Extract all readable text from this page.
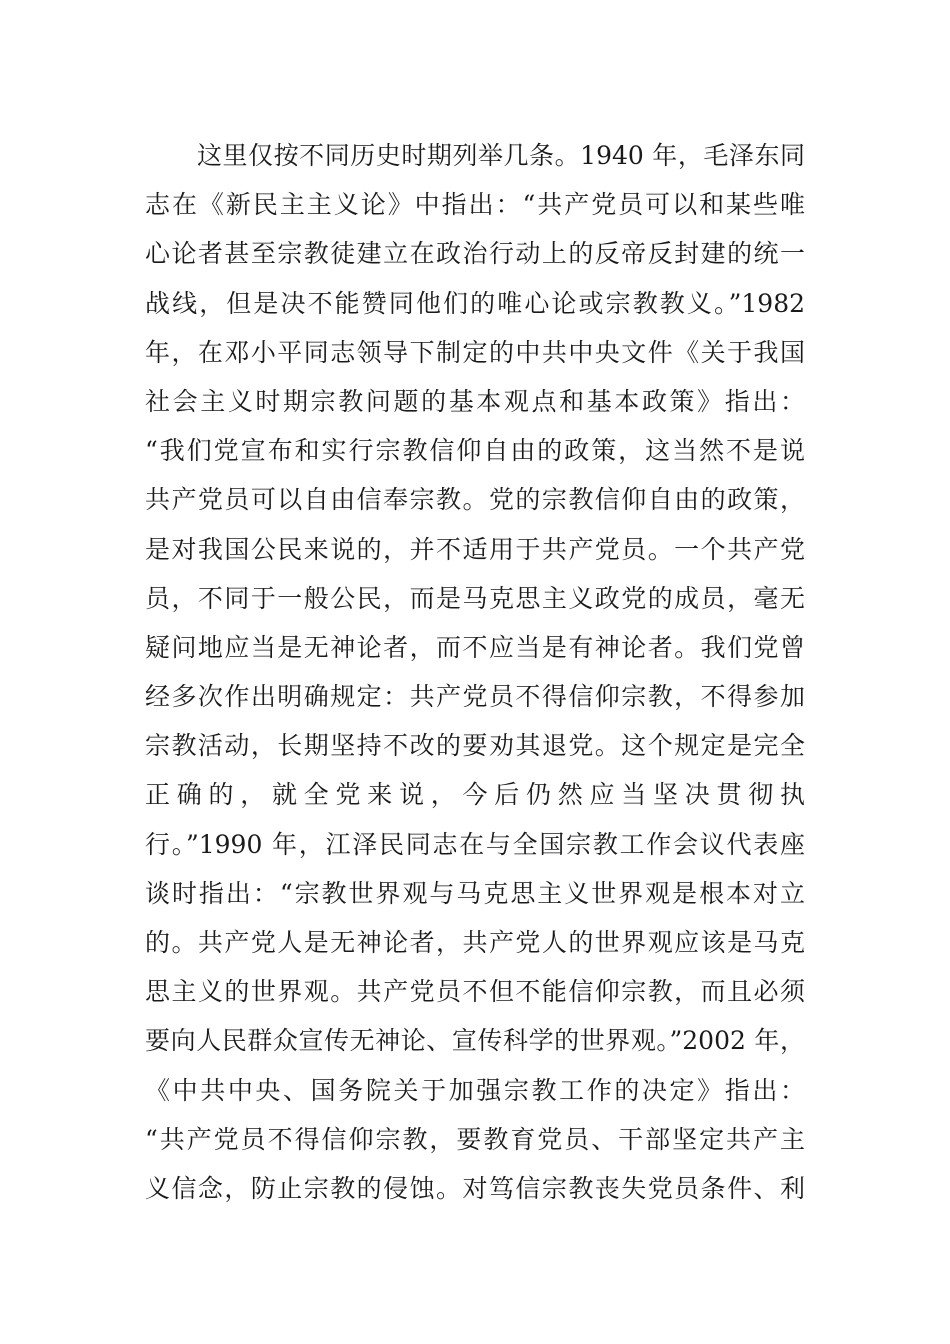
这里仅按不同历史时期列举几条。1940 年，毛泽东同
志在《新民主主义论》中指出：“共产党员可以和某些唯
心论者甚至宗教徒建立在政治行动上的反帝反封建的统一
战线，但是决不能赞同他们的唯心论或宗教教义。”1982
年，在邓小平同志领导下制定的中共中央文件《关于我国
社会主义时期宗教问题的基本观点和基本政策》指出：
“我们党宣布和实行宗教信仰自由的政策，这当然不是说
共产党员可以自由信奉宗教。党的宗教信仰自由的政策，
是对我国公民来说的，并不适用于共产党员。一个共产党
员，不同于一般公民，而是马克思主义政党的成员，毫无
疑问地应当是无神论者，而不应当是有神论者。我们党曾
经多次作出明确规定：共产党员不得信仰宗教，不得参加
宗教活动，长期坚持不改的要劝其退党。这个规定是完全
正确的，就全党来说，今后仍然应当坚决贯彻执
行。”1990 年，江泽民同志在与全国宗教工作会议代表座
谈时指出：“宗教世界观与马克思主义世界观是根本对立
的。共产党人是无神论者，共产党人的世界观应该是马克
思主义的世界观。共产党员不但不能信仰宗教，而且必须
要向人民群众宣传无神论、宣传科学的世界观。”2002 年，
《中共中央、国务院关于加强宗教工作的决定》指出：
“共产党员不得信仰宗教，要教育党员、干部坚定共产主
义信念，防止宗教的侵蚀。对笃信宗教丧失党员条件、利
